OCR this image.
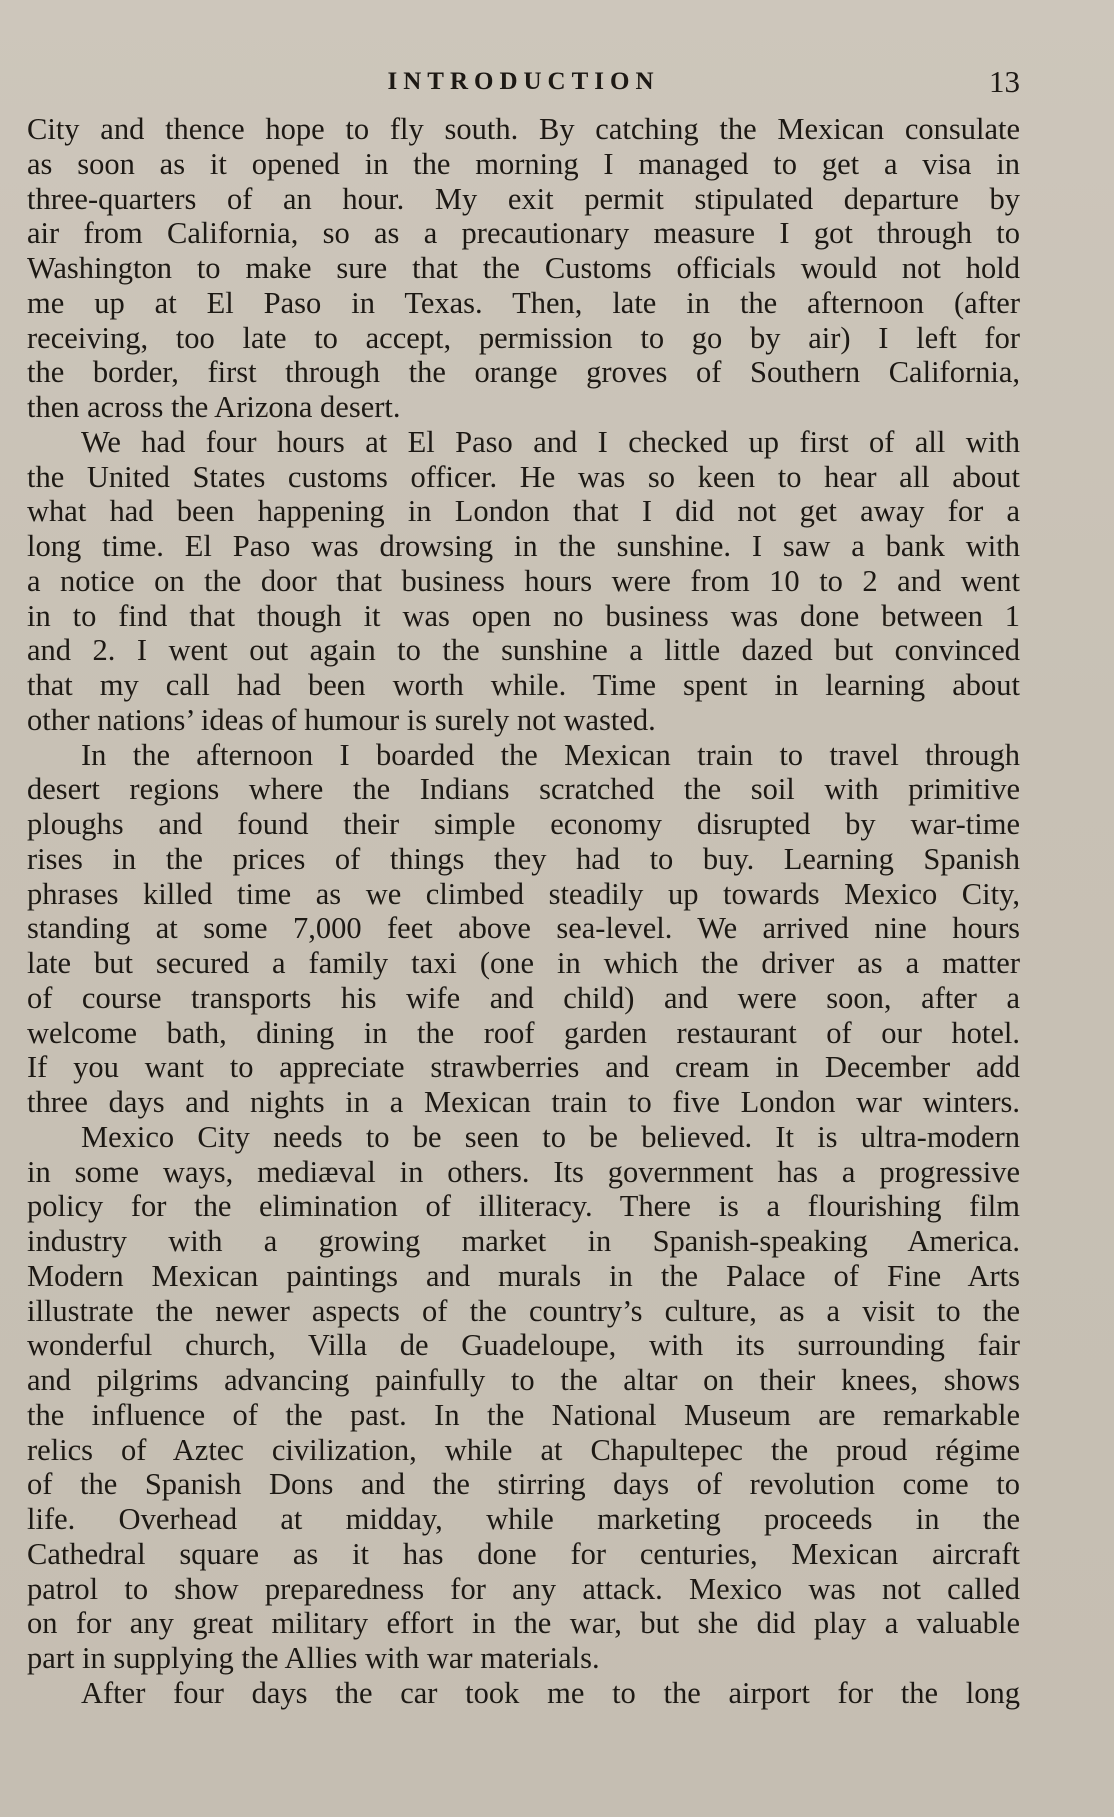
INTRODUCTION	13
City and thence hope to fly south. By catching the Mexican consulate
as soon as it opened in the morning I managed to get a visa in
three-quarters of an hour. My exit permit stipulated departure by
air from California, so as a precautionary measure I got through to
Washington to make sure that the Customs officials would not hold
me up at El Paso in Texas. Then, late in the afternoon (after
receiving, too late to accept, permission to go by air) I left for
the border, first through the orange groves of Southern California,
then across the Arizona desert.
We had four hours at El Paso and I checked up first of all with
the United States customs officer. He was so keen to hear all about
what had been happening in London that I did not get away for a
long time. El Paso was drowsing in the sunshine. I saw a bank with
a notice on the door that business hours were from 10 to 2 and went
in to find that though it was open no business was done between 1
and 2. I went out again to the sunshine a little dazed but convinced
that my call had been worth while. Time spent in learning about
other nations’ ideas of humour is surely not wasted.
In the afternoon I boarded the Mexican train to travel through
desert regions where the Indians scratched the soil with primitive
ploughs and found their simple economy disrupted by war-time
rises in the prices of things they had to buy. Learning Spanish
phrases killed time as we climbed steadily up towards Mexico City,
standing at some 7,000 feet above sea-level. We arrived nine hours
late but secured a family taxi (one in which the driver as a matter
of course transports his wife and child) and were soon, after a
welcome bath, dining in the roof garden restaurant of our hotel.
If you want to appreciate strawberries and cream in December add
three days and nights in a Mexican train to five London war winters.
Mexico City needs to be seen to be believed. It is ultra-modern
in some ways, mediæval in others. Its government has a progressive
policy for the elimination of illiteracy. There is a flourishing film
industry with a growing market in Spanish-speaking America.
Modern Mexican paintings and murals in the Palace of Fine Arts
illustrate the newer aspects of the country’s culture, as a visit to the
wonderful church, Villa de Guadeloupe, with its surrounding fair
and pilgrims advancing painfully to the altar on their knees, shows
the influence of the past. In the National Museum are remarkable
relics of Aztec civilization, while at Chapultepec the proud régime
of the Spanish Dons and the stirring days of revolution come to
life. Overhead at midday, while marketing proceeds in the
Cathedral square as it has done for centuries, Mexican aircraft
patrol to show preparedness for any attack. Mexico was not called
on for any great military effort in the war, but she did play a valuable
part in supplying the Allies with war materials.
After four days the car took me to the airport for the long
